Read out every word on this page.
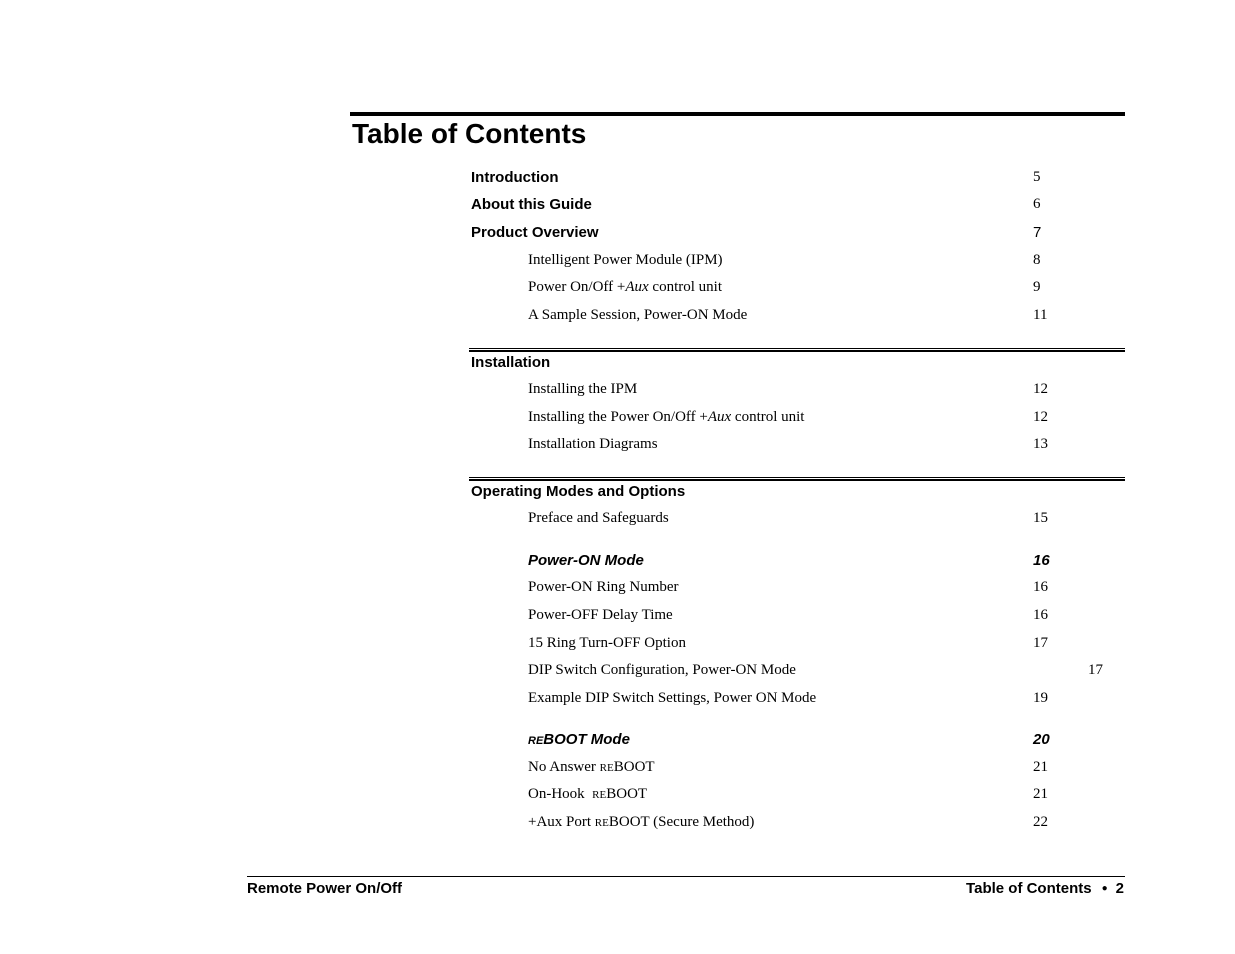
Table of Contents
Introduction	5
About this Guide	6
Product Overview	7
Intelligent Power Module (IPM)	8
Power On/Off +Aux control unit	9
A Sample Session, Power-ON Mode	11
Installation
Installing the IPM	12
Installing the Power On/Off +Aux control unit	12
Installation Diagrams	13
Operating Modes and Options
Preface and Safeguards	15
Power-ON Mode	16
Power-ON Ring Number	16
Power-OFF Delay Time	16
15 Ring Turn-OFF Option	17
DIP Switch Configuration, Power-ON Mode	17
Example DIP Switch Settings, Power ON Mode	19
REBOOT Mode	20
No Answer REBOOT	21
On-Hook  REBOOT	21
+Aux Port REBOOT (Secure Method)	22
Remote Power On/Off	Table of Contents ● 2
